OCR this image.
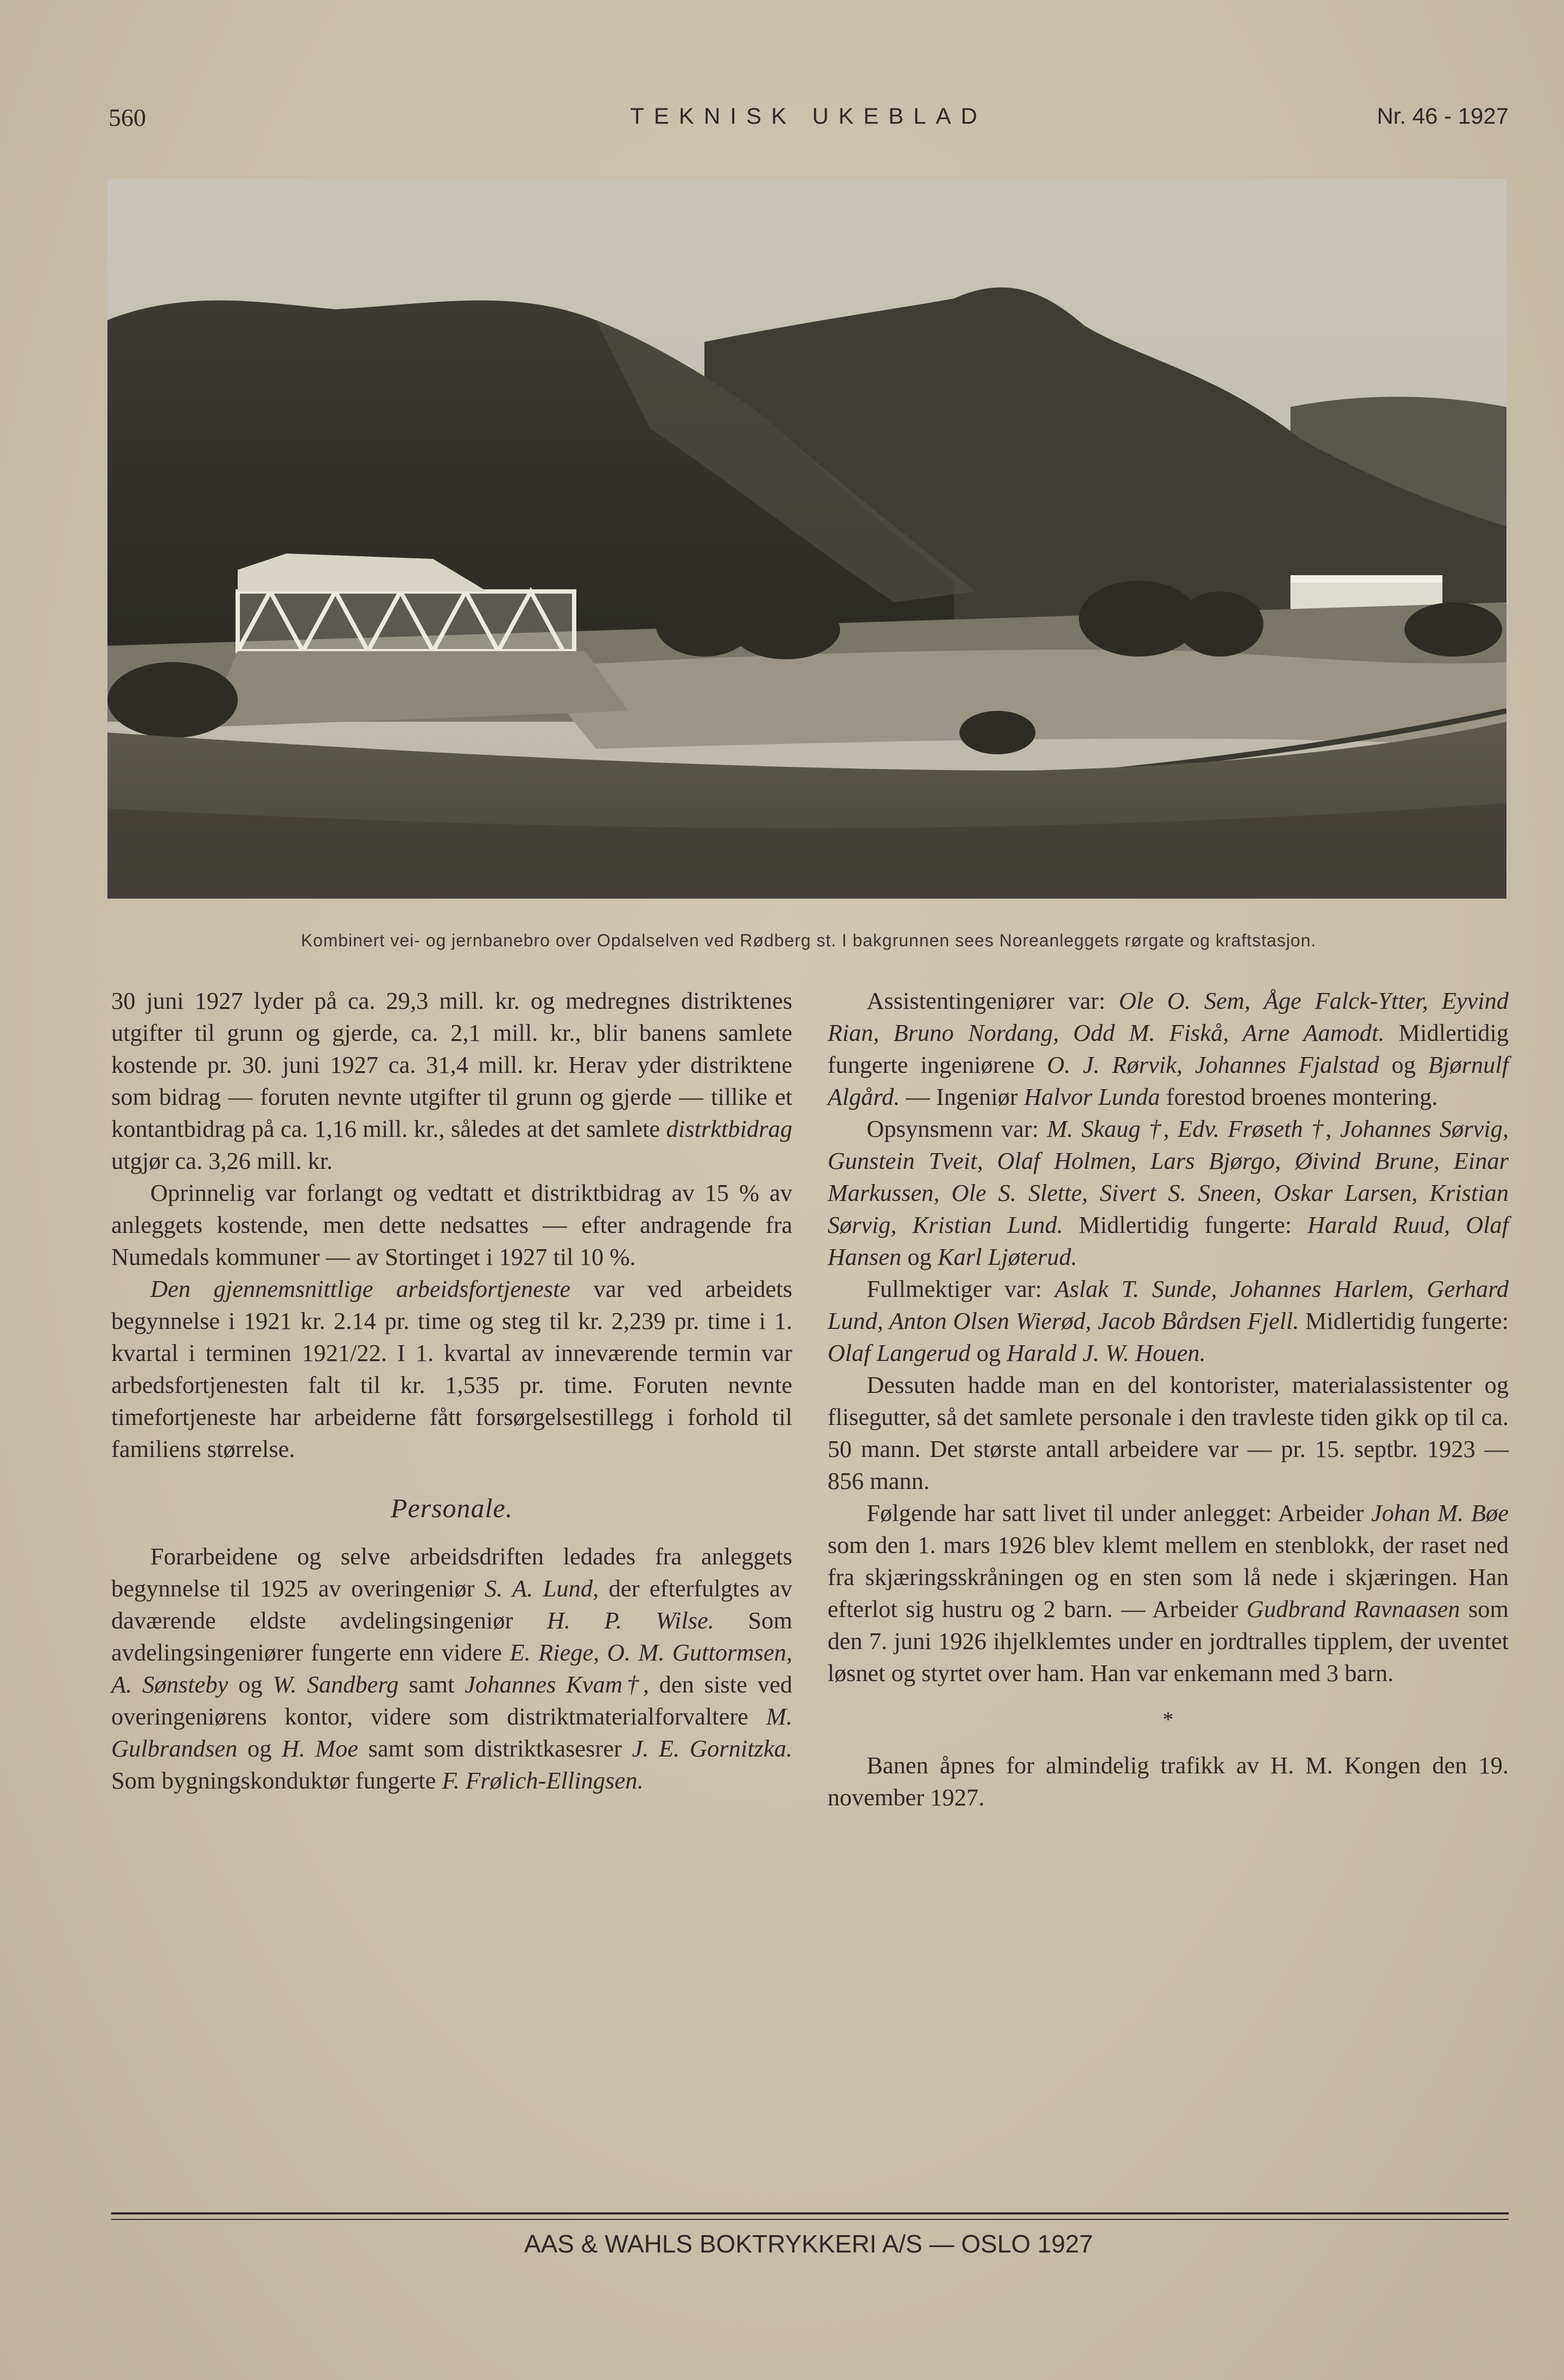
560	TEKNISK UKEBLAD	Nr. 46 - 1927
Kombinert vei- og jernbanebro over Opdalselven ved Rødberg st. I bakgrunnen sees Noreanleggets rørgate og kraftstasjon.

30 juni 1927 lyder på ca. 29,3 mill. kr. og medregnes distriktenes utgifter til grunn og gjerde, ca. 2,1 mill. kr., blir banens samlete kostende pr. 30. juni 1927 ca. 31,4 mill. kr. Herav yder distriktene som bidrag — foruten nevnte utgifter til grunn og gjerde — tillike et kontantbidrag på ca. 1,16 mill. kr., således at det samlete distrktbidrag utgjør ca. 3,26 mill. kr.

Oprinnelig var forlangt og vedtatt et distriktbidrag av 15 % av anleggets kostende, men dette nedsattes — efter andragende fra Numedals kommuner — av Stortinget i 1927 til 10 %.

Den gjennemsnittlige arbeidsfortjeneste var ved arbeidets begynnelse i 1921 kr. 2.14 pr. time og steg til kr. 2,239 pr. time i 1. kvartal i terminen 1921/22. I 1. kvartal av inneværende termin var arbedsfortjenesten falt til kr. 1,535 pr. time. Foruten nevnte timefortjeneste har arbeiderne fått forsørgelsestillegg i forhold til familiens størrelse.

Personale.

Forarbeidene og selve arbeidsdriften ledades fra anleggets begynnelse til 1925 av overingeniør S. A. Lund, der efterfulgtes av daværende eldste avdelingsingeniør H. P. Wilse. Som avdelingsingeniører fungerte enn videre E. Riege, O. M. Guttormsen, A. Sønsteby og W. Sandberg samt Johannes Kvam†, den siste ved overingeniørens kontor, videre som distriktmaterialforvaltere M. Gulbrandsen og H. Moe samt som distriktkasesrer J. E. Gornitzka. Som bygningskonduktør fungerte F. Frølich-Ellingsen.

Assistentingeniører var: Ole O. Sem, Åge Falck-Ytter, Eyvind Rian, Bruno Nordang, Odd M. Fiskå, Arne Aamodt. Midlertidig fungerte ingeniørene O. J. Rørvik, Johannes Fjalstad og Bjørnulf Algård. — Ingeniør Halvor Lunda forestod broenes montering.

Opsynsmenn var: M. Skaug †, Edv. Frøseth †, Johannes Sørvig, Gunstein Tveit, Olaf Holmen, Lars Bjørgo, Øivind Brune, Einar Markussen, Ole S. Slette, Sivert S. Sneen, Oskar Larsen, Kristian Sørvig, Kristian Lund. Midlertidig fungerte: Harald Ruud, Olaf Hansen og Karl Ljøterud.

Fullmektiger var: Aslak T. Sunde, Johannes Harlem, Gerhard Lund, Anton Olsen Wierød, Jacob Bårdsen Fjell. Midlertidig fungerte: Olaf Langerud og Harald J. W. Houen.

Dessuten hadde man en del kontorister, materialassistenter og flisegutter, så det samlete personale i den travleste tiden gikk op til ca. 50 mann. Det største antall arbeidere var — pr. 15. septbr. 1923 — 856 mann.

Følgende har satt livet til under anlegget: Arbeider Johan M. Bøe som den 1. mars 1926 blev klemt mellem en stenblokk, der raset ned fra skjæringsskråningen og en sten som lå nede i skjæringen. Han efterlot sig hustru og 2 barn. — Arbeider Gudbrand Ravnaasen som den 7. juni 1926 ihjelklemtes under en jordtralles tipplem, der uventet løsnet og styrtet over ham. Han var enkemann med 3 barn.

*

Banen åpnes for almindelig trafikk av H. M. Kongen den 19. november 1927.

AAS & WAHLS BOKTRYKKERI A/S — OSLO 1927
